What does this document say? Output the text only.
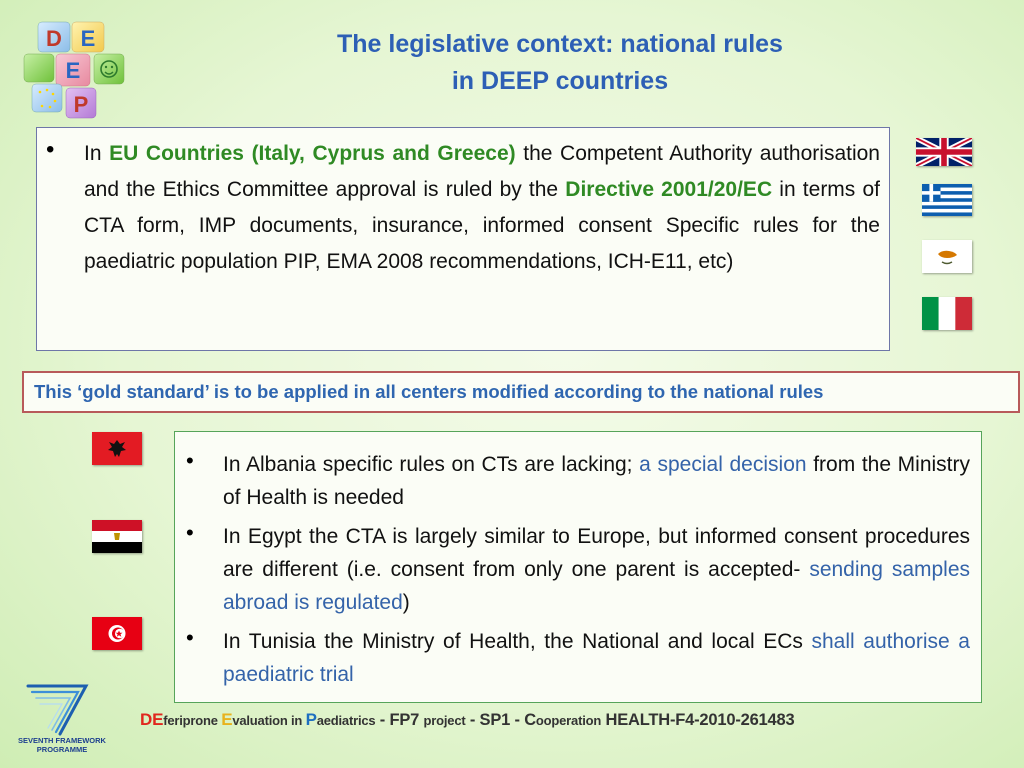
D E
E
P
The legislative context: national rules
in DEEP countries

• In EU Countries (Italy, Cyprus and Greece) the Competent Authority authorisation and the Ethics Committee approval is ruled by the Directive 2001/20/EC in terms of CTA form, IMP documents, insurance, informed consent Specific rules for the paediatric population PIP, EMA 2008 recommendations, ICH-E11, etc)

This ‘gold standard’ is to be applied in all centers modified according to the national rules

• In Albania specific rules on CTs are lacking; a special decision from the Ministry of Health is needed

• In Egypt the CTA is largely similar to Europe, but informed consent procedures are different (i.e. consent from only one parent is accepted- sending samples abroad is regulated)

• In Tunisia the Ministry of Health, the National and local ECs shall authorise a paediatric trial

SEVENTH FRAMEWORK
PROGRAMME
DEferiprone Evaluation in Paediatrics - FP7 project - SP1 - Cooperation HEALTH-F4-2010-261483
